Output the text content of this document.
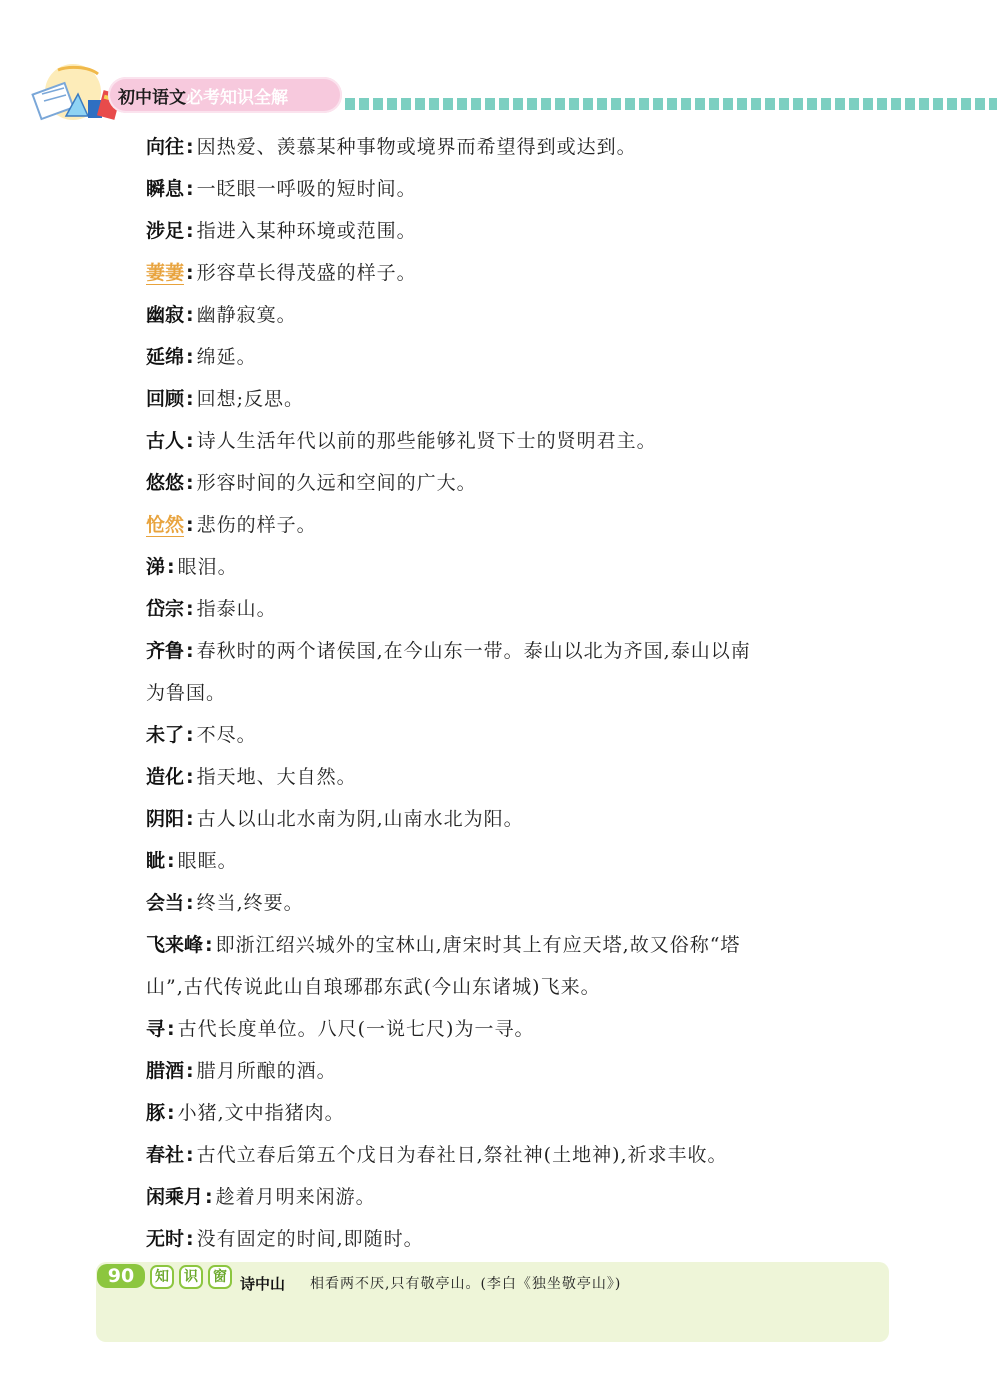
初中语文 必考知识全解
向往 : 因热爱、羡慕某种事物或境界而希望得到或达到。
瞬息 : 一眨眼一呼吸的短时间。
涉足 : 指进入某种环境或范围。
萋萋 : 形容草长得茂盛的样子。
幽寂 : 幽静寂寞。
延绵 : 绵延。
回顾 : 回想;反思。
古人 : 诗人生活年代以前的那些能够礼贤下士的贤明君主。
悠悠 : 形容时间的久远和空间的广大。
怆然 : 悲伤的样子。
涕 : 眼泪。
岱宗 : 指泰山。
齐鲁 : 春秋时的两个诸侯国,在今山东一带。泰山以北为齐国,泰山以南
为鲁国。
未了 : 不尽。
造化 : 指天地、大自然。
阴阳 : 古人以山北水南为阴,山南水北为阳。
眦 : 眼眶。
会当 : 终当,终要。
飞来峰 : 即浙江绍兴城外的宝林山,唐宋时其上有应天塔,故又俗称“塔
山”,古代传说此山自琅琊郡东武(今山东诸城)飞来。
寻 : 古代长度单位。八尺(一说七尺)为一寻。
腊酒 : 腊月所酿的酒。
豚 : 小猪,文中指猪肉。
春社 : 古代立春后第五个戊日为春社日,祭社神(土地神),祈求丰收。
闲乘月 : 趁着月明来闲游。
无时 : 没有固定的时间,即随时。
90	知	识	窗 诗中山 相看两不厌,只有敬亭山。(李白《独坐敬亭山》)
